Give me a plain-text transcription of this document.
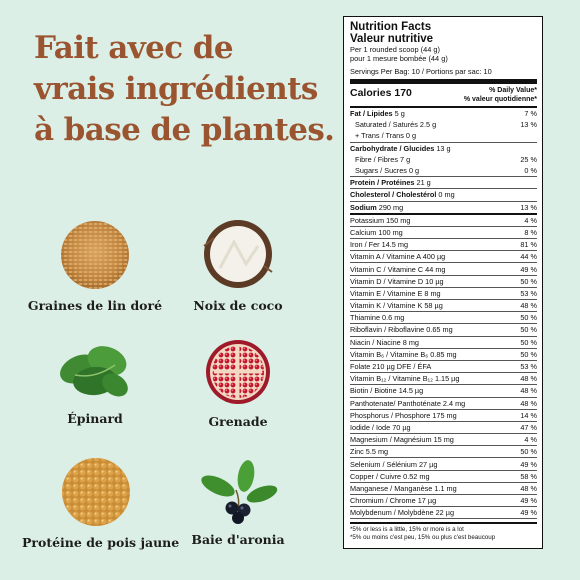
Fait avec de
vrais ingrédients
à base de plantes.
Graines de lin doré	Noix de coco
Épinard	Grenade
Protéine de pois jaune Baie d'aronia
Nutrition Facts
Valeur nutritive
Per 1 rounded scoop (44 g)
pour 1 mesure bombée (44 g)
Servings Per Bag: 10 / Portions par sac: 10
Calories 170	% Daily Value*
% valeur quotidienne*
Fat / Lipides 5 g	7 %
Saturated / Saturés 2.5 g	13 %
+ Trans / Trans 0 g
Carbohydrate / Glucides 13 g
Fibre / Fibres 7 g	25 %
Sugars / Sucres 0 g	0 %
Protein / Protéines 21 g
Cholesterol / Cholestérol 0 mg
Sodium 290 mg	13 %
Potassium 150 mg	4 %
Calcium 100 mg	8 %
Iron / Fer 14.5 mg	81 %
Vitamin A / Vitamine A 400 µg	44 %
Vitamin C / Vitamine C 44 mg	49 %
Vitamin D / Vitamine D 10 µg	50 %
Vitamin E / Vitamine E 8 mg	53 %
Vitamin K / Vitamine K 58 µg	48 %
Thiamine 0.6 mg	50 %
Riboflavin / Riboflavine 0.65 mg	50 %
Niacin / Niacine 8 mg	50 %
Vitamin B₆ / Vitamine B₆ 0.85 mg	50 %
Folate 210 µg DFE / ÉFA	53 %
Vitamin B₁₂ / Vitamine B₁₂ 1.15 µg	48 %
Biotin / Biotine 14.5 µg	48 %
Panthotenate/ Panthoténate 2.4 mg	48 %
Phosphorus / Phosphore 175 mg	14 %
Iodide / Iode 70 µg	47 %
Magnesium / Magnésium 15 mg	4 %
Zinc 5.5 mg	50 %
Selenium / Sélénium 27 µg	49 %
Copper / Cuivre 0.52 mg	58 %
Manganese / Manganèse 1.1 mg	48 %
Chromium / Chrome 17 µg	49 %
Molybdenum / Molybdène 22 µg	49 %
*5% or less is a little, 15% or more is a lot
*5% ou moins c'est peu, 15% ou plus c'est beaucoup
